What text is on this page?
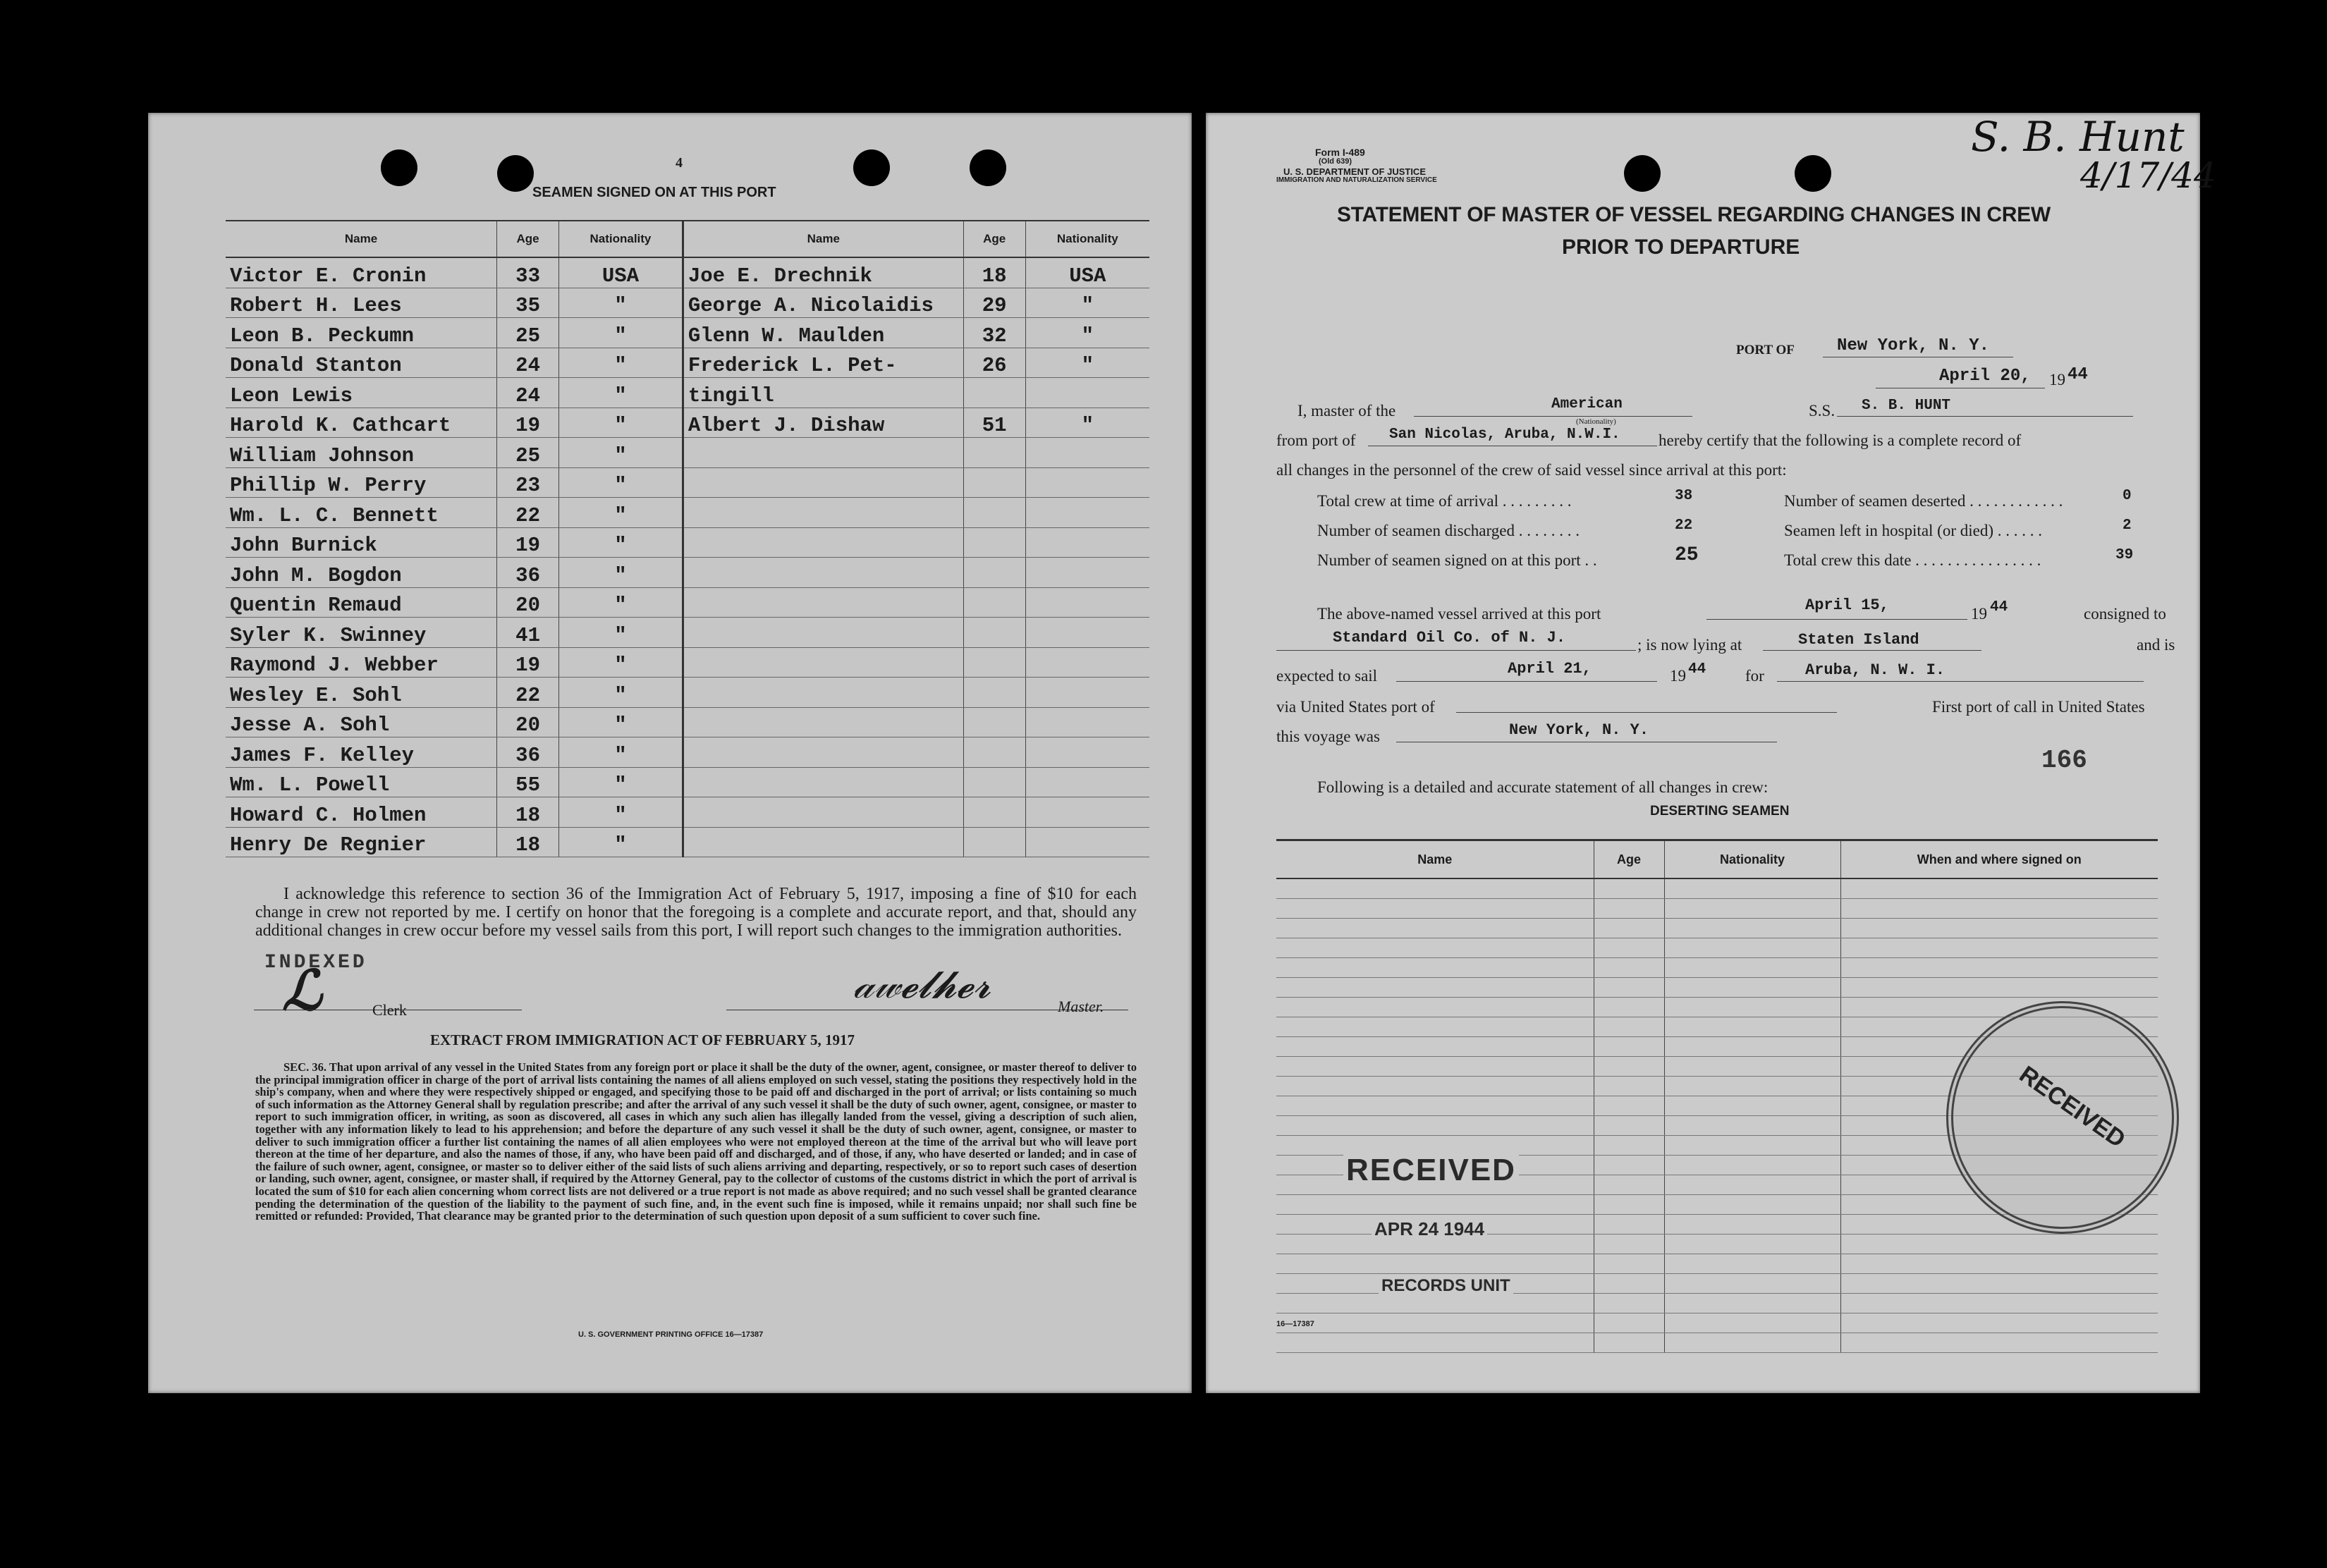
4
SEAMEN SIGNED ON AT THIS PORT
Name	Age	Nationality	Name	Age	Nationality
Victor E. Cronin	33	USA	Joe E. Drechnik	18	USA
Robert H. Lees	35	"	George A. Nicolaidis	29	"
Leon B. Peckumn	25	"	Glenn W. Maulden	32	"
Donald Stanton	24	"	Frederick L. Pet-	26	"
Leon Lewis	24	"	tingill		
Harold K. Cathcart	19	"	Albert J. Dishaw	51	"
William Johnson	25	"			
Phillip W. Perry	23	"			
Wm. L. C. Bennett	22	"			
John Burnick	19	"			
John M. Bogdon	36	"			
Quentin Remaud	20	"			
Syler K. Swinney	41	"			
Raymond J. Webber	19	"			
Wesley E. Sohl	22	"			
Jesse A. Sohl	20	"			
James F. Kelley	36	"			
Wm. L. Powell	55	"			
Howard C. Holmen	18	"			
Henry De Regnier	18	"			
I acknowledge this reference to section 36 of the Immigration Act of February 5, 1917, imposing a fine of $10 for each change in crew not reported by me. I certify on honor that the foregoing is a complete and accurate report, and that, should any additional changes in crew occur before my vessel sails from this port, I will report such changes to the immigration authorities.
INDEXED
ℒ	Clerk
𝒶𝓌𝓮𝓵𝓱𝓮𝓻	Master.
EXTRACT FROM IMMIGRATION ACT OF FEBRUARY 5, 1917
SEC. 36. That upon arrival of any vessel in the United States from any foreign port or place it shall be the duty of the owner, agent, consignee, or master thereof to deliver to the principal immigration officer in charge of the port of arrival lists containing the names of all aliens employed on such vessel, stating the positions they respectively hold in the ship's company, when and where they were respectively shipped or engaged, and specifying those to be paid off and discharged in the port of arrival; or lists containing so much of such information as the Attorney General shall by regulation prescribe; and after the arrival of any such vessel it shall be the duty of such owner, agent, consignee, or master to report to such immigration officer, in writing, as soon as discovered, all cases in which any such alien has illegally landed from the vessel, giving a description of such alien, together with any information likely to lead to his apprehension; and before the departure of any such vessel it shall be the duty of such owner, agent, consignee, or master to deliver to such immigration officer a further list containing the names of all alien employees who were not employed thereon at the time of the arrival but who will leave port thereon at the time of her departure, and also the names of those, if any, who have been paid off and discharged, and of those, if any, who have deserted or landed; and in case of the failure of such owner, agent, consignee, or master so to deliver either of the said lists of such aliens arriving and departing, respectively, or so to report such cases of desertion or landing, such owner, agent, consignee, or master shall, if required by the Attorney General, pay to the collector of customs of the customs district in which the port of arrival is located the sum of $10 for each alien concerning whom correct lists are not delivered or a true report is not made as above required; and no such vessel shall be granted clearance pending the determination of the question of the liability to the payment of such fine, and, in the event such fine is imposed, while it remains unpaid; nor shall such fine be remitted or refunded: Provided, That clearance may be granted prior to the determination of such question upon deposit of a sum sufficient to cover such fine.
U. S. GOVERNMENT PRINTING OFFICE 16—17387
Form I-489
(Old 639)
U. S. DEPARTMENT OF JUSTICE
IMMIGRATION AND NATURALIZATION SERVICE
S. B. Hunt
4/17/44
STATEMENT OF MASTER OF VESSEL REGARDING CHANGES IN CREW
PRIOR TO DEPARTURE
PORT OF	New York, N. Y.
April 20, 19 44
I, master of the	American	S.S. S. B. HUNT
(Nationality)
from port of San Nicolas, Aruba, N.W.I. hereby certify that the following is a complete record of
all changes in the personnel of the crew of said vessel since arrival at this port:
Total crew at time of arrival . . . . . . . . .	38	Number of seamen deserted . . . . . . . . . . . .	0
Number of seamen discharged . . . . . . . .	22	Seamen left in hospital (or died) . . . . . .	2
Number of seamen signed on at this port . .	25	Total crew this date . . . . . . . . . . . . . . . .	39
The above-named vessel arrived at this port	April 15,	19 44	consigned to
Standard Oil Co. of N. J.	; is now lying at	Staten Island	and is
expected to sail	April 21,	19 44 for	Aruba, N. W. I.
via United States port of	First port of call in United States
this voyage was	New York, N. Y.
166
Following is a detailed and accurate statement of all changes in crew:
DESERTING SEAMEN
Name	Age	Nationality	When and where signed on

RECEIVED
APR 24 1944
RECORDS UNIT
RECEIVED
16—17387
